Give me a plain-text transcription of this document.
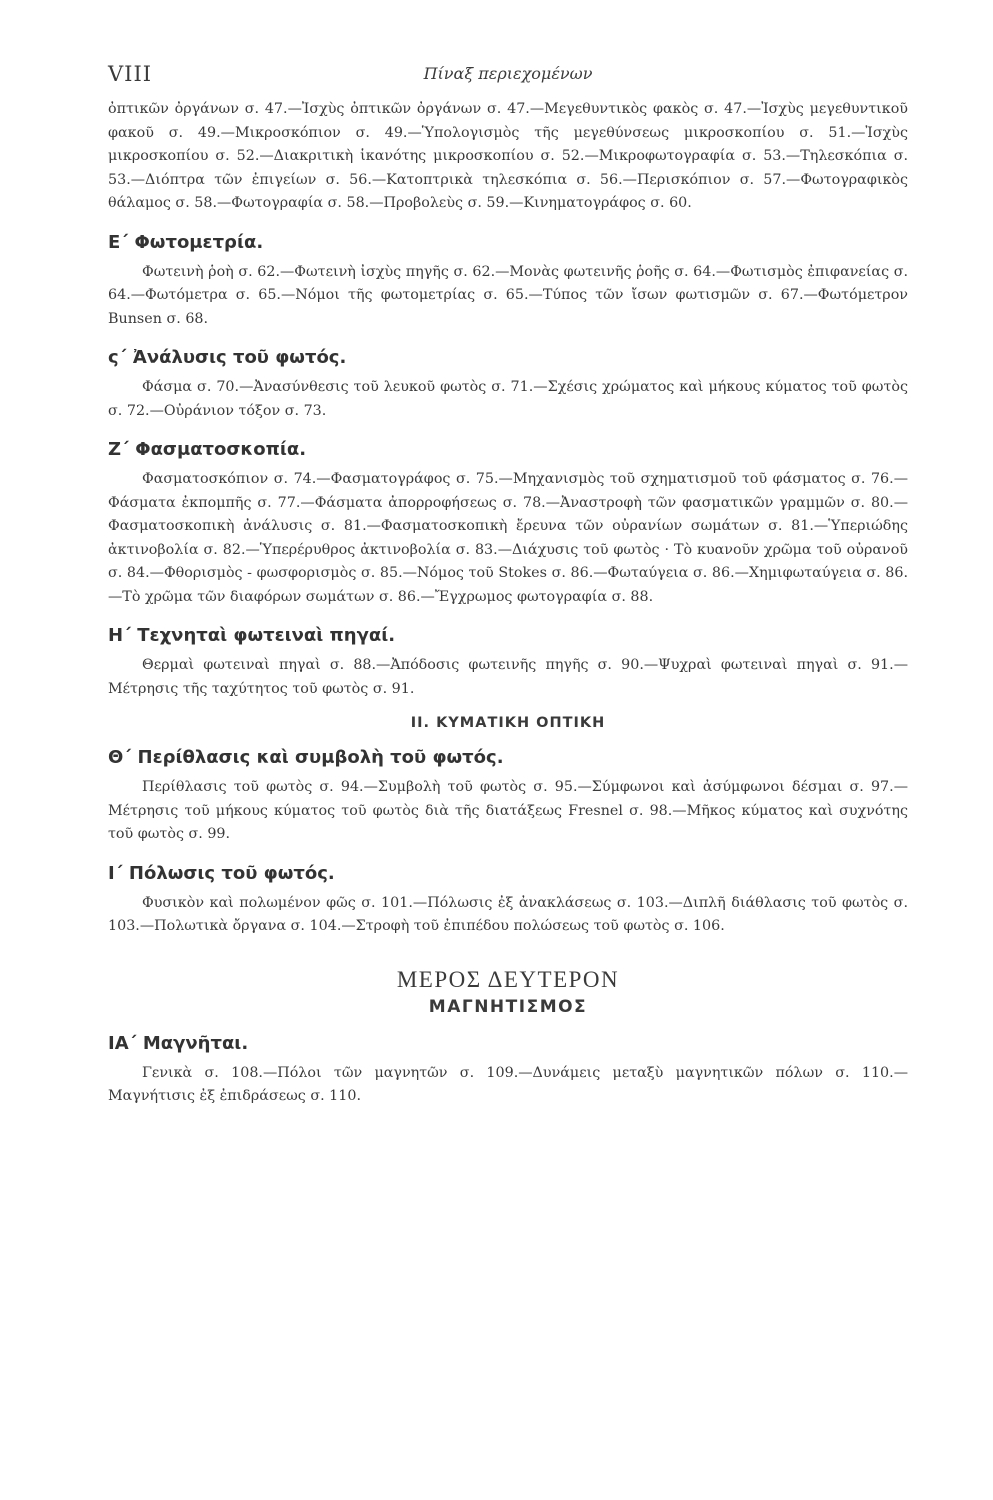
VIII	Πίναξ περιεχομένων

ὀπτικῶν ὀργάνων σ. 47.—Ἰσχὺς ὀπτικῶν ὀργάνων σ. 47.—Μεγεθυντικὸς φακὸς σ. 47.—Ἰσχὺς μεγεθυντικοῦ φακοῦ σ. 49.—Μικροσκόπιον σ. 49.—Ὑπολογισμὸς τῆς μεγεθύνσεως μικροσκοπίου σ. 51.—Ἰσχὺς μικροσκοπίου σ. 52.—Διακριτικὴ ἱκανότης μικροσκοπίου σ. 52.—Μικροφωτογραφία σ. 53.—Τηλεσκόπια σ. 53.—Διόπτρα τῶν ἐπιγείων σ. 56.—Κατοπτρικὰ τηλεσκόπια σ. 56.—Περισκόπιον σ. 57.—Φωτογραφικὸς θάλαμος σ. 58.—Φωτογραφία σ. 58.—Προβολεὺς σ. 59.—Κινηματογράφος σ. 60.

Ε΄ Φωτομετρία.

Φωτεινὴ ῥοὴ σ. 62.—Φωτεινὴ ἰσχὺς πηγῆς σ. 62.—Μονὰς φωτεινῆς ῥοῆς σ. 64.—Φωτισμὸς ἐπιφανείας σ. 64.—Φωτόμετρα σ. 65.—Νόμοι τῆς φωτομετρίας σ. 65.—Τύπος τῶν ἴσων φωτισμῶν σ. 67.—Φωτόμετρον Bunsen σ. 68.

ς΄ Ἀνάλυσις τοῦ φωτός.

Φάσμα σ. 70.—Ἀνασύνθεσις τοῦ λευκοῦ φωτὸς σ. 71.—Σχέσις χρώματος καὶ μήκους κύματος τοῦ φωτὸς σ. 72.—Οὐράνιον τόξον σ. 73.

Ζ΄ Φασματοσκοπία.

Φασματοσκόπιον σ. 74.—Φασματογράφος σ. 75.—Μηχανισμὸς τοῦ σχηματισμοῦ τοῦ φάσματος σ. 76.—Φάσματα ἐκπομπῆς σ. 77.—Φάσματα ἀπορροφήσεως σ. 78.—Ἀναστροφὴ τῶν φασματικῶν γραμμῶν σ. 80.—Φασματοσκοπικὴ ἀνάλυσις σ. 81.—Φασματοσκοπικὴ ἔρευνα τῶν οὐρανίων σωμάτων σ. 81.—Ὑπεριώδης ἀκτινοβολία σ. 82.—Ὑπερέρυθρος ἀκτινοβολία σ. 83.—Διάχυσις τοῦ φωτὸς · Τὸ κυανοῦν χρῶμα τοῦ οὐρανοῦ σ. 84.—Φθορισμὸς - φωσφορισμὸς σ. 85.—Νόμος τοῦ Stokes σ. 86.—Φωταύγεια σ. 86.—Χημιφωταύγεια σ. 86.—Τὸ χρῶμα τῶν διαφόρων σωμάτων σ. 86.—Ἔγχρωμος φωτογραφία σ. 88.

Η΄ Τεχνηταὶ φωτειναὶ πηγαί.

Θερμαὶ φωτειναὶ πηγαὶ σ. 88.—Ἀπόδοσις φωτεινῆς πηγῆς σ. 90.—Ψυχραὶ φωτειναὶ πηγαὶ σ. 91.—Μέτρησις τῆς ταχύτητος τοῦ φωτὸς σ. 91.

II. ΚΥΜΑΤΙΚΗ ΟΠΤΙΚΗ
Θ΄ Περίθλασις καὶ συμβολὴ τοῦ φωτός.

Περίθλασις τοῦ φωτὸς σ. 94.—Συμβολὴ τοῦ φωτὸς σ. 95.—Σύμφωνοι καὶ ἀσύμφωνοι δέσμαι σ. 97.—Μέτρησις τοῦ μήκους κύματος τοῦ φωτὸς διὰ τῆς διατάξεως Fresnel σ. 98.—Μῆκος κύματος καὶ συχνότης τοῦ φωτὸς σ. 99.

Ι΄ Πόλωσις τοῦ φωτός.

Φυσικὸν καὶ πολωμένον φῶς σ. 101.—Πόλωσις ἐξ ἀνακλάσεως σ. 103.—Διπλῆ διάθλασις τοῦ φωτὸς σ. 103.—Πολωτικὰ ὄργανα σ. 104.—Στροφὴ τοῦ ἐπιπέδου πολώσεως τοῦ φωτὸς σ. 106.

ΜΕΡΟΣ ΔΕΥΤΕΡΟΝ
ΜΑΓΝΗΤΙΣΜΟΣ
ΙΑ΄ Μαγνῆται.

Γενικὰ σ. 108.—Πόλοι τῶν μαγνητῶν σ. 109.—Δυνάμεις μεταξὺ μαγνητικῶν πόλων σ. 110.—Μαγνήτισις ἐξ ἐπιδράσεως σ. 110.
